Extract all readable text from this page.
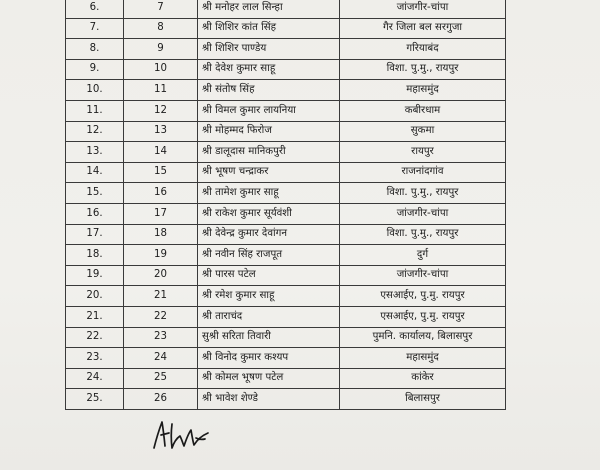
6.	7	श्री मनोहर लाल सिन्हा	जांजगीर-चांपा
7.	8	श्री शिशिर कांत सिंह	गैर जिला बल सरगुजा
8.	9	श्री शिशिर पाण्डेय	गरियाबंद
9.	10	श्री देवेश कुमार साहू	विशा. पु.मु., रायपुर
10.	11	श्री संतोष सिंह	महासमुंद
11.	12	श्री विमल कुमार लायनिया	कबीरधाम
12.	13	श्री मोहम्मद फिरोज	सुकमा
13.	14	श्री डालूदास मानिकपुरी	रायपुर
14.	15	श्री भूषण चन्द्राकर	राजनांदगांव
15.	16	श्री तामेश कुमार साहू	विशा. पु.मु., रायपुर
16.	17	श्री राकेश कुमार सूर्यवंशी	जांजगीर-चांपा
17.	18	श्री देवेन्द्र कुमार देवांगन	विशा. पु.मु., रायपुर
18.	19	श्री नवीन सिंह राजपूत	दुर्ग
19.	20	श्री पारस पटेल	जांजगीर-चांपा
20.	21	श्री रमेश कुमार साहू	एसआईए, पु.मु. रायपुर
21.	22	श्री ताराचंद	एसआईए, पु.मु. रायपुर
22.	23	सुश्री सरिता तिवारी	पुमनि. कार्यालय, बिलासपुर
23.	24	श्री विनोद कुमार कश्यप	महासमुंद
24.	25	श्री कोमल भूषण पटेल	कांकेर
25.	26	श्री भावेश शेण्डे	बिलासपुर
